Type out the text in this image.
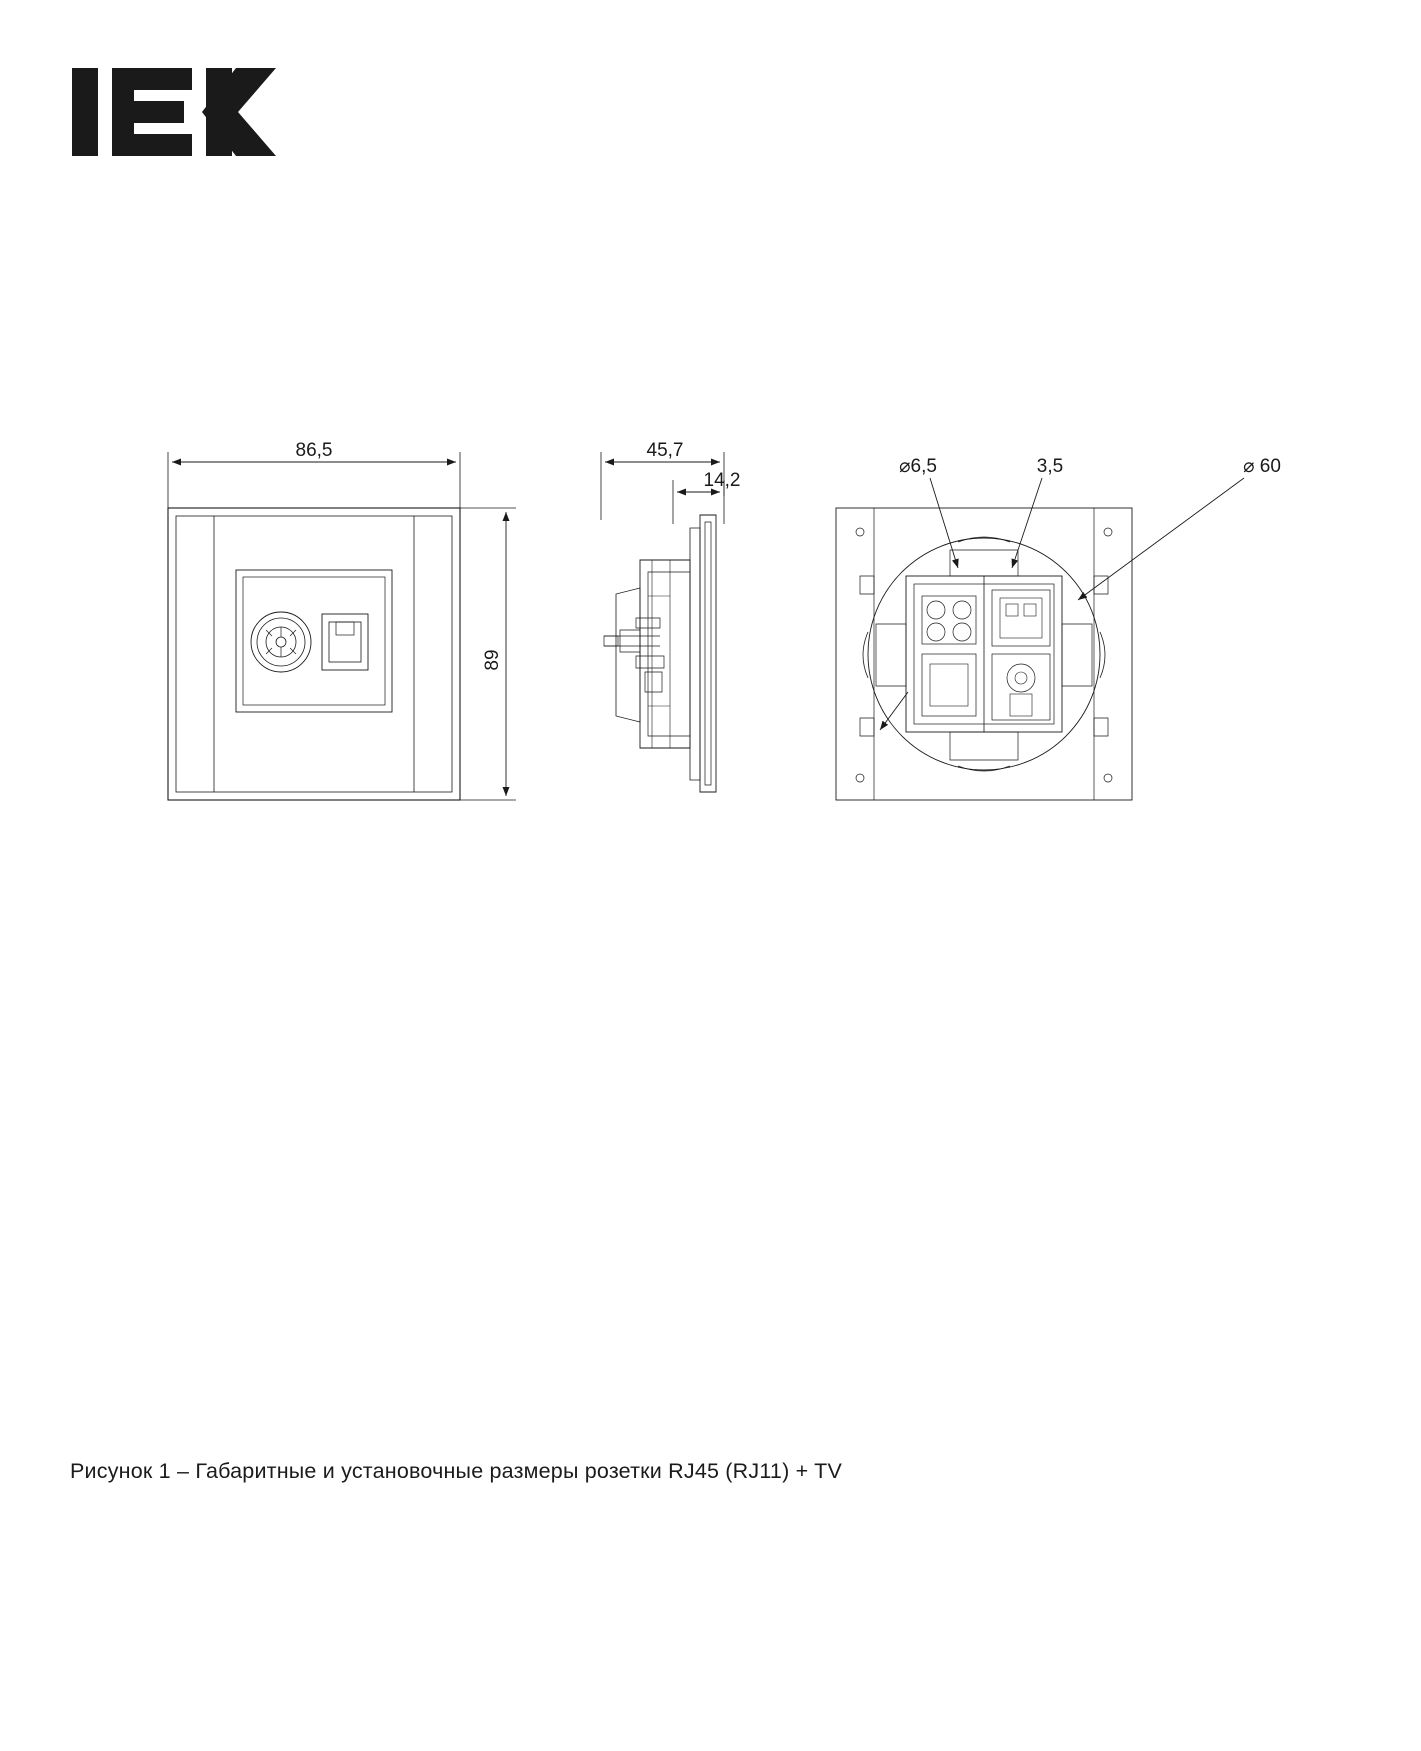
86,5	45,7
14,2
⌀6,5	3,5	⌀ 60
89
Рисунок 1 – Габаритные и установочные размеры розетки RJ45 (RJ11) + TV
